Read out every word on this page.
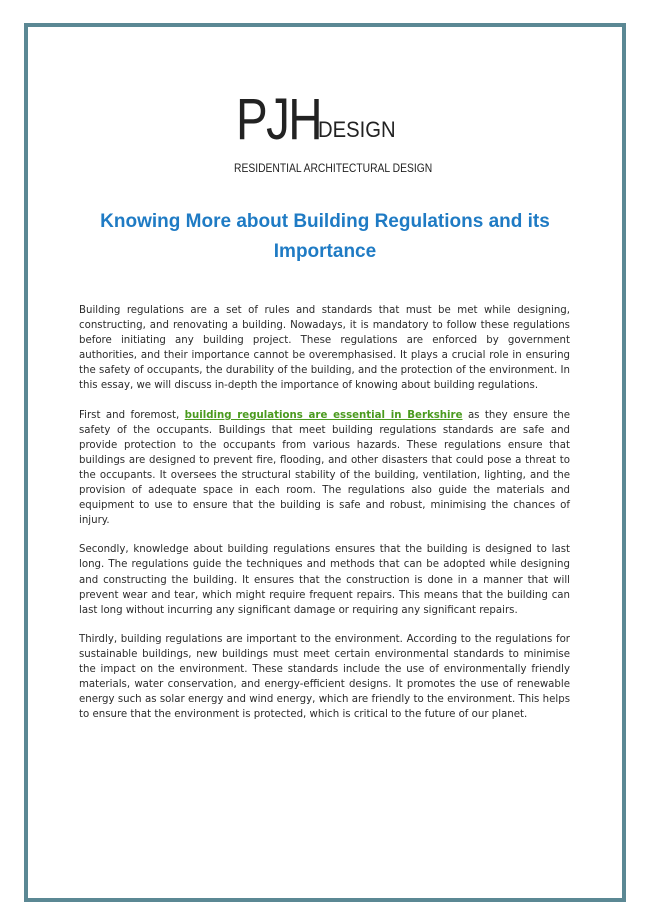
PJH
DESIGN
RESIDENTIAL ARCHITECTURAL DESIGN
Knowing More about Building Regulations and its Importance

Building regulations are a set of rules and standards that must be met while designing, constructing, and renovating a building. Nowadays, it is mandatory to follow these regulations before initiating any building project. These regulations are enforced by government authorities, and their importance cannot be overemphasised. It plays a crucial role in ensuring the safety of occupants, the durability of the building, and the protection of the environment. In this essay, we will discuss in-depth the importance of knowing about building regulations.

First and foremost, building regulations are essential in Berkshire as they ensure the safety of the occupants. Buildings that meet building regulations standards are safe and provide protection to the occupants from various hazards. These regulations ensure that buildings are designed to prevent fire, flooding, and other disasters that could pose a threat to the occupants. It oversees the structural stability of the building, ventilation, lighting, and the provision of adequate space in each room. The regulations also guide the materials and equipment to use to ensure that the building is safe and robust, minimising the chances of injury.

Secondly, knowledge about building regulations ensures that the building is designed to last long. The regulations guide the techniques and methods that can be adopted while designing and constructing the building. It ensures that the construction is done in a manner that will prevent wear and tear, which might require frequent repairs. This means that the building can last long without incurring any significant damage or requiring any significant repairs.

Thirdly, building regulations are important to the environment. According to the regulations for sustainable buildings, new buildings must meet certain environmental standards to minimise the impact on the environment. These standards include the use of environmentally friendly materials, water conservation, and energy-efficient designs. It promotes the use of renewable energy such as solar energy and wind energy, which are friendly to the environment. This helps to ensure that the environment is protected, which is critical to the future of our planet.
